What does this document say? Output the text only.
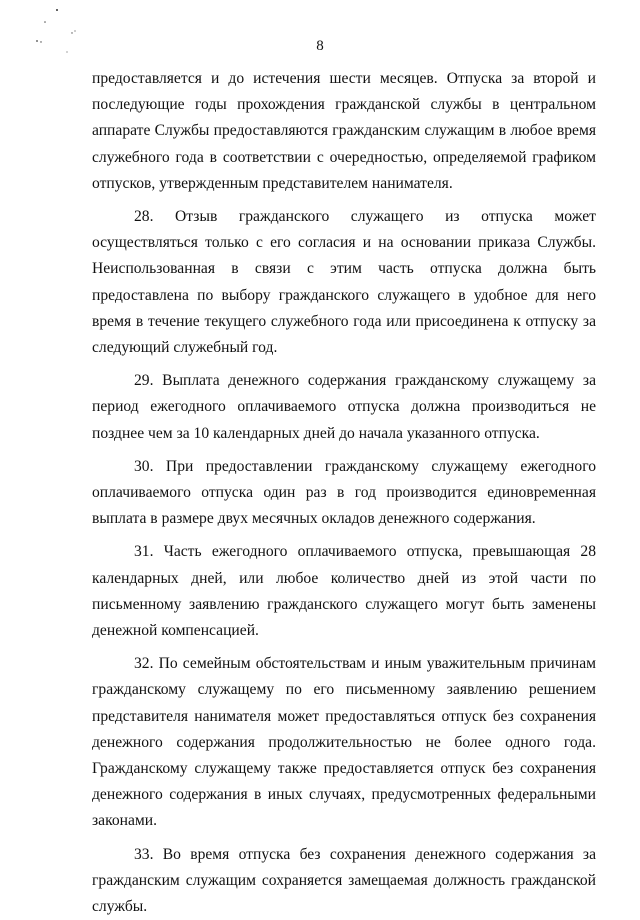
8

предоставляется и до истечения шести месяцев. Отпуска за второй и последующие годы прохождения гражданской службы в центральном аппарате Службы предоставляются гражданским служащим в любое время служебного года в соответствии с очередностью, определяемой графиком отпусков, утвержденным представителем нанимателя.

28. Отзыв гражданского служащего из отпуска может осуществляться только с его согласия и на основании приказа Службы. Неиспользованная в связи с этим часть отпуска должна быть предоставлена по выбору гражданского служащего в удобное для него время в течение текущего служебного года или присоединена к отпуску за следующий служебный год.

29. Выплата денежного содержания гражданскому служащему за период ежегодного оплачиваемого отпуска должна производиться не позднее чем за 10 календарных дней до начала указанного отпуска.

30. При предоставлении гражданскому служащему ежегодного оплачиваемого отпуска один раз в год производится единовременная выплата в размере двух месячных окладов денежного содержания.

31. Часть ежегодного оплачиваемого отпуска, превышающая 28 календарных дней, или любое количество дней из этой части по письменному заявлению гражданского служащего могут быть заменены денежной компенсацией.

32. По семейным обстоятельствам и иным уважительным причинам гражданскому служащему по его письменному заявлению решением представителя нанимателя может предоставляться отпуск без сохранения денежного содержания продолжительностью не более одного года. Гражданскому служащему также предоставляется отпуск без сохранения денежного содержания в иных случаях, предусмотренных федеральными законами.

33. Во время отпуска без сохранения денежного содержания за гражданским служащим сохраняется замещаемая должность гражданской службы.
